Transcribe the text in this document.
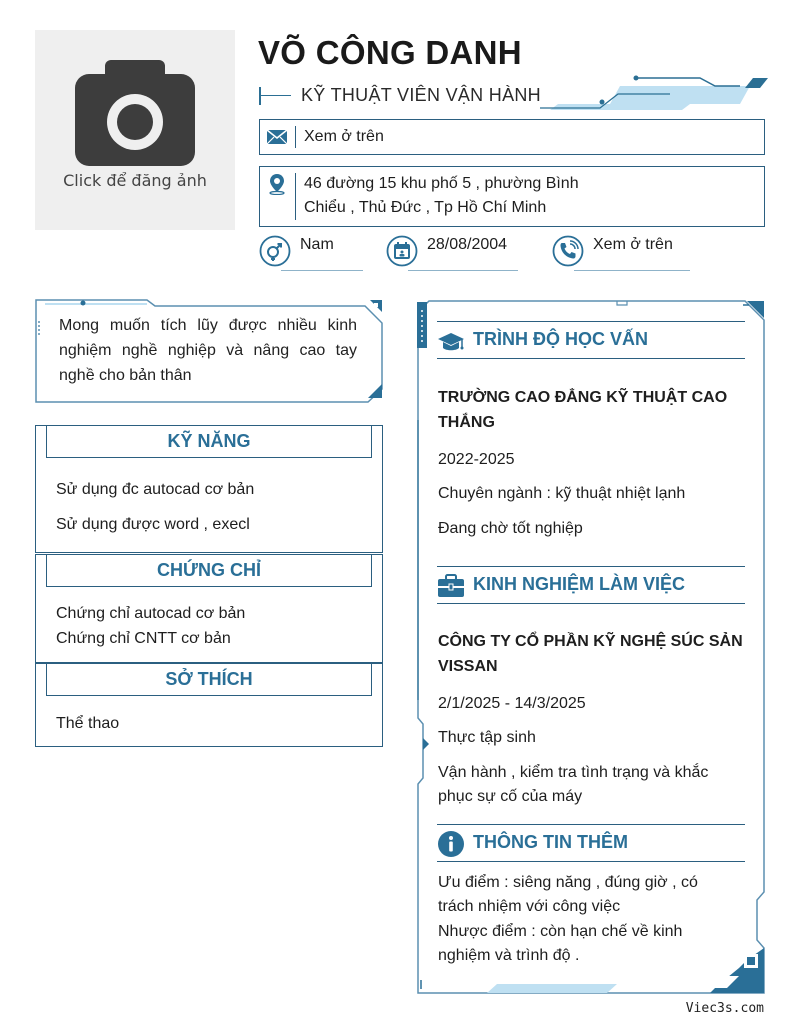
Click để đăng ảnh
VÕ CÔNG DANH
KỸ THUẬT VIÊN VẬN HÀNH
Xem ở trên
46 đường 15 khu phố 5 , phường Bình
Chiểu , Thủ Đức , Tp Hồ Chí Minh
Nam	28/08/2004	Xem ở trên
Mong muốn tích lũy được nhiều kinh nghiệm nghề nghiệp và nâng cao tay nghề cho bản thân
KỸ NĂNG
Sử dụng đc autocad cơ bản
Sử dụng được word , execl
CHỨNG CHỈ
Chứng chỉ autocad cơ bản
Chứng chỉ CNTT cơ bản
SỞ THÍCH
Thể thao
TRÌNH ĐỘ HỌC VẤN
TRƯỜNG CAO ĐẲNG KỸ THUẬT CAO
THẮNG
2022-2025
Chuyên ngành : kỹ thuật nhiệt lạnh
Đang chờ tốt nghiệp
KINH NGHIỆM LÀM VIỆC
CÔNG TY CỔ PHẦN KỸ NGHỆ SÚC SẢN
VISSAN
2/1/2025 - 14/3/2025
Thực tập sinh
Vận hành , kiểm tra tình trạng và khắc
phục sự cố của máy
THÔNG TIN THÊM
Ưu điểm : siêng năng , đúng giờ , có
trách nhiệm với công việc
Nhược điểm : còn hạn chế về kinh
nghiệm và trình độ .
Viec3s.com
